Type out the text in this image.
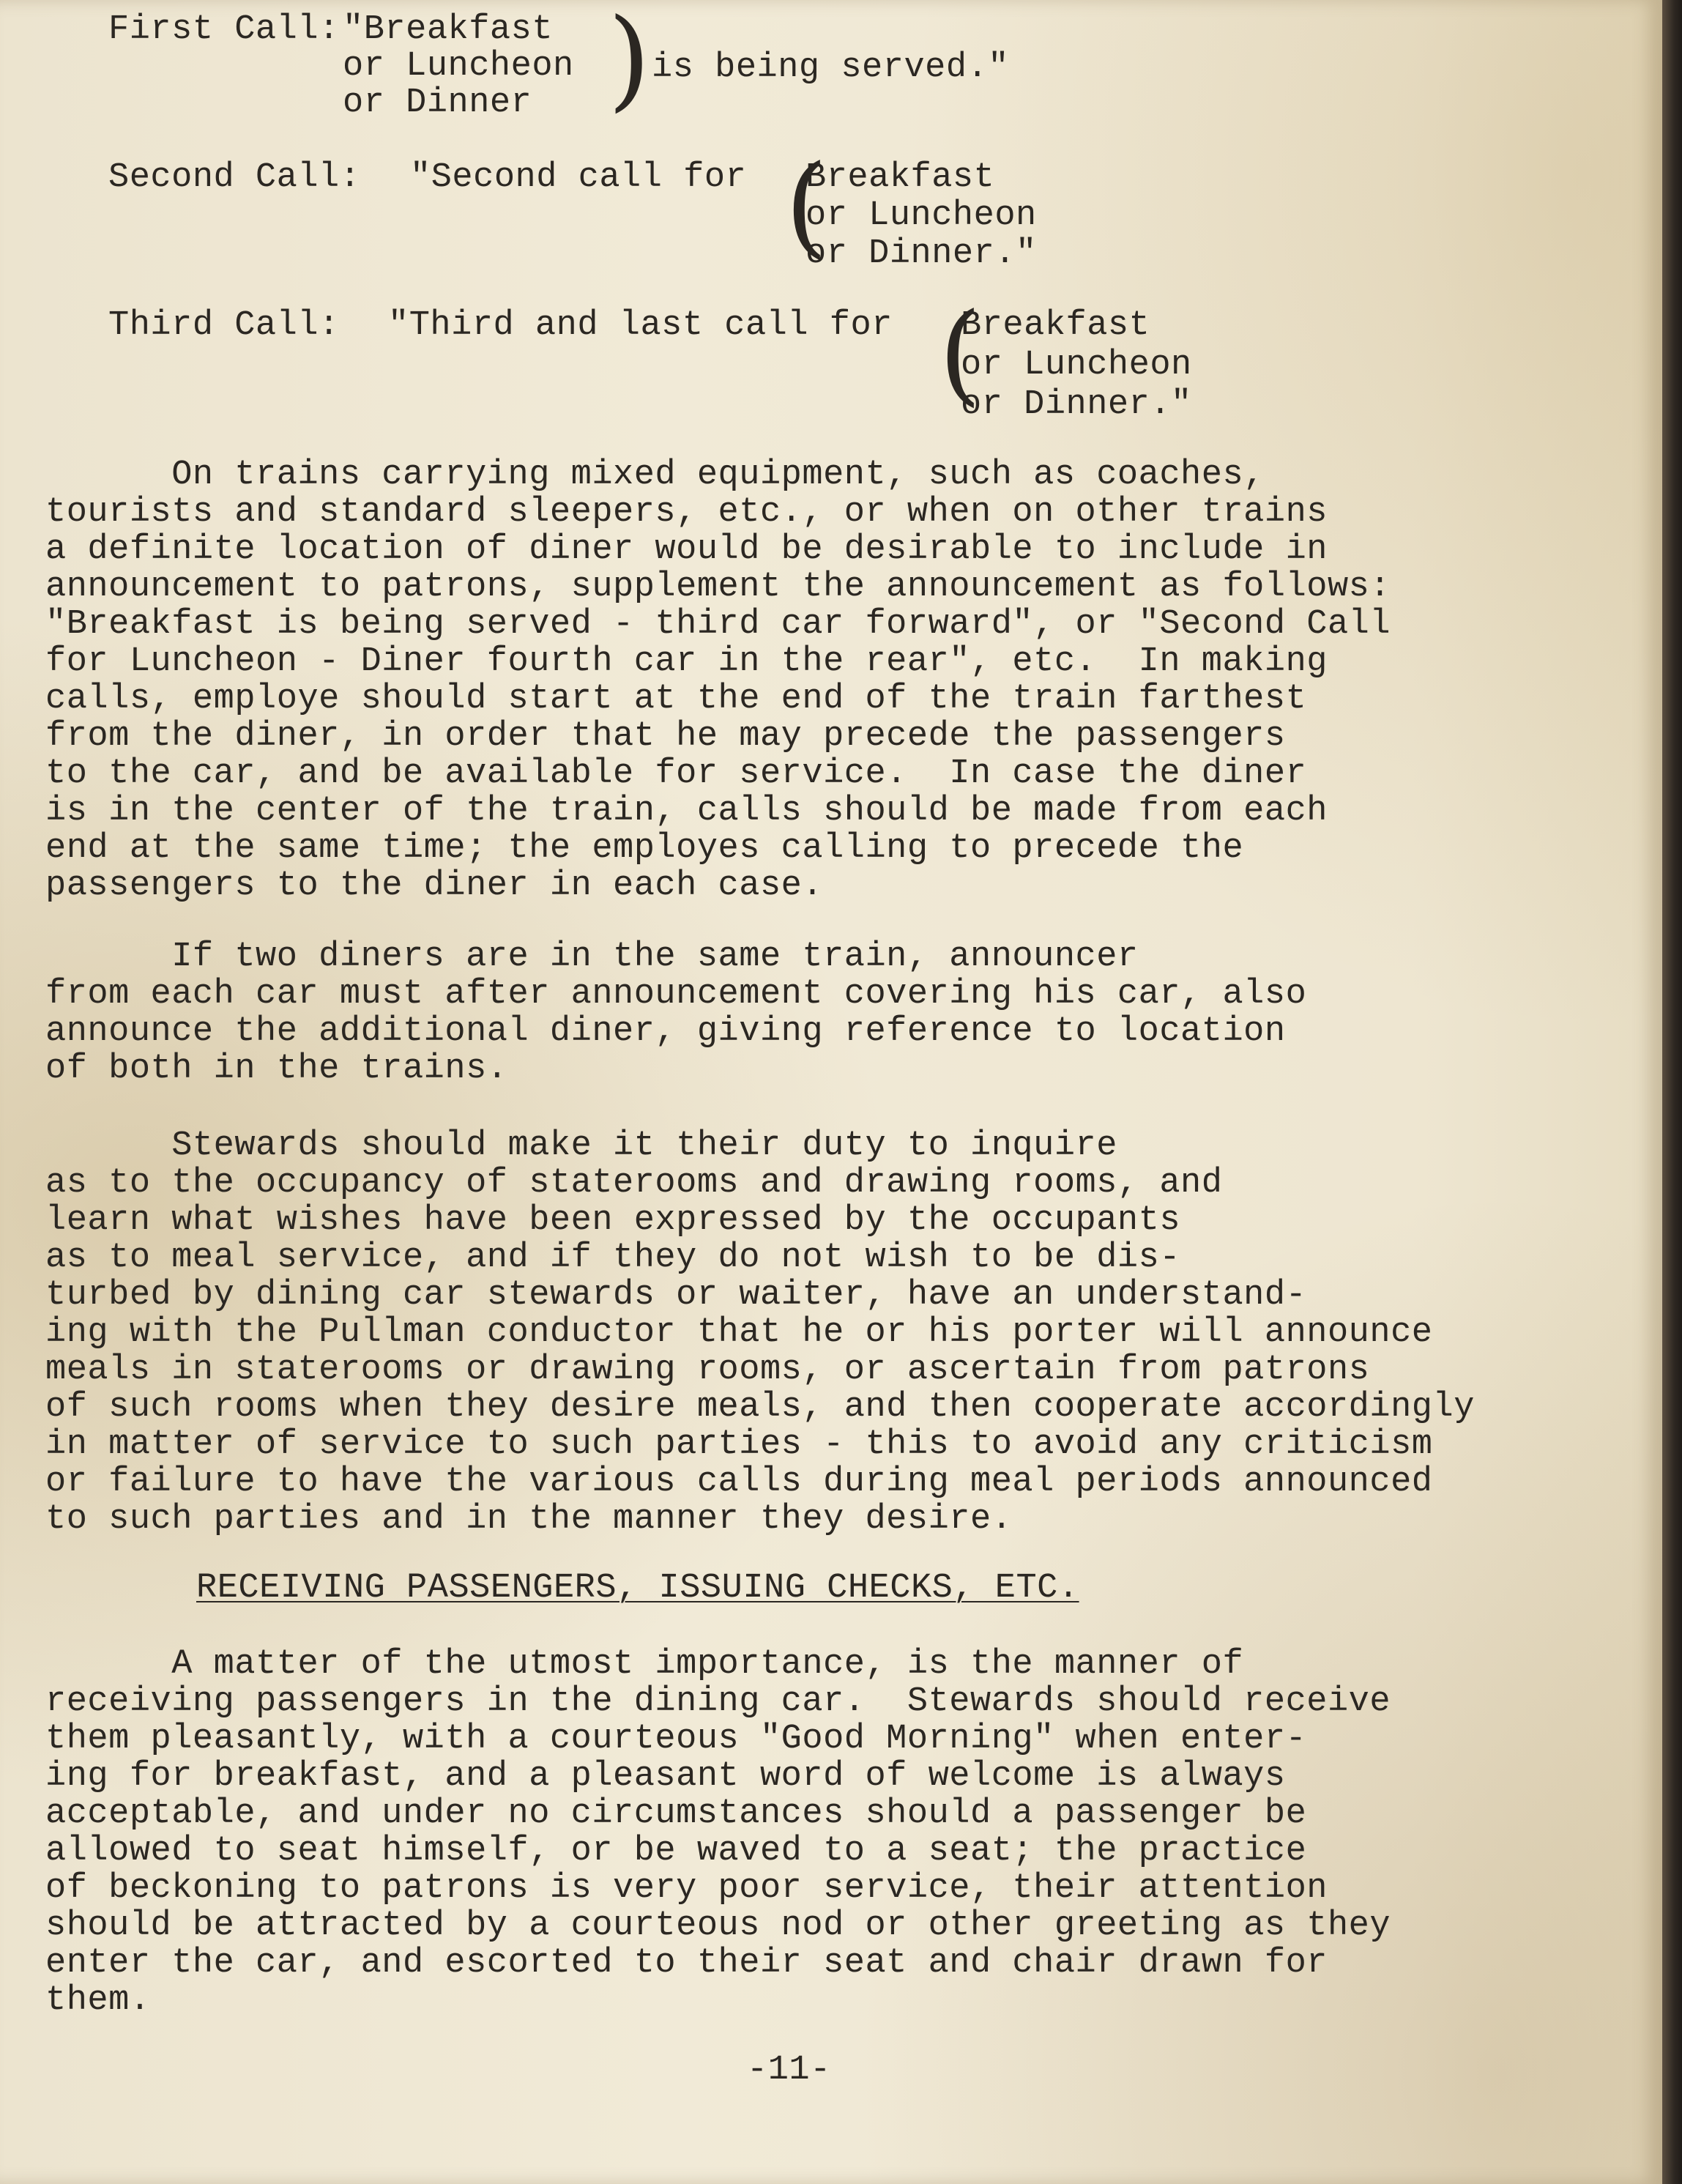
First Call: "Breakfast
or Luncheon
or Dinner ) is being served."
Second Call: "Second call for (
Breakfast
or Luncheon
or Dinner."
Third Call: "Third and last call for (
Breakfast
or Luncheon
or Dinner."

On trains carrying mixed equipment, such as coaches,

tourists and standard sleepers, etc., or when on other trains

a definite location of diner would be desirable to include in

announcement to patrons, supplement the announcement as follows:

"Breakfast is being served - third car forward", or "Second Call

for Luncheon - Diner fourth car in the rear", etc.  In making

calls, employe should start at the end of the train farthest

from the diner, in order that he may precede the passengers

to the car, and be available for service.  In case the diner

is in the center of the train, calls should be made from each

end at the same time; the employes calling to precede the

passengers to the diner in each case.

If two diners are in the same train, announcer

from each car must after announcement covering his car, also

announce the additional diner, giving reference to location

of both in the trains.

Stewards should make it their duty to inquire

as to the occupancy of staterooms and drawing rooms, and

learn what wishes have been expressed by the occupants

as to meal service, and if they do not wish to be dis-

turbed by dining car stewards or waiter, have an understand-

ing with the Pullman conductor that he or his porter will announce

meals in staterooms or drawing rooms, or ascertain from patrons

of such rooms when they desire meals, and then cooperate accordingly

in matter of service to such parties - this to avoid any criticism

or failure to have the various calls during meal periods announced

to such parties and in the manner they desire.

RECEIVING PASSENGERS, ISSUING CHECKS, ETC.

A matter of the utmost importance, is the manner of

receiving passengers in the dining car.  Stewards should receive

them pleasantly, with a courteous "Good Morning" when enter-

ing for breakfast, and a pleasant word of welcome is always

acceptable, and under no circumstances should a passenger be

allowed to seat himself, or be waved to a seat; the practice

of beckoning to patrons is very poor service, their attention

should be attracted by a courteous nod or other greeting as they

enter the car, and escorted to their seat and chair drawn for

them.

-11-
